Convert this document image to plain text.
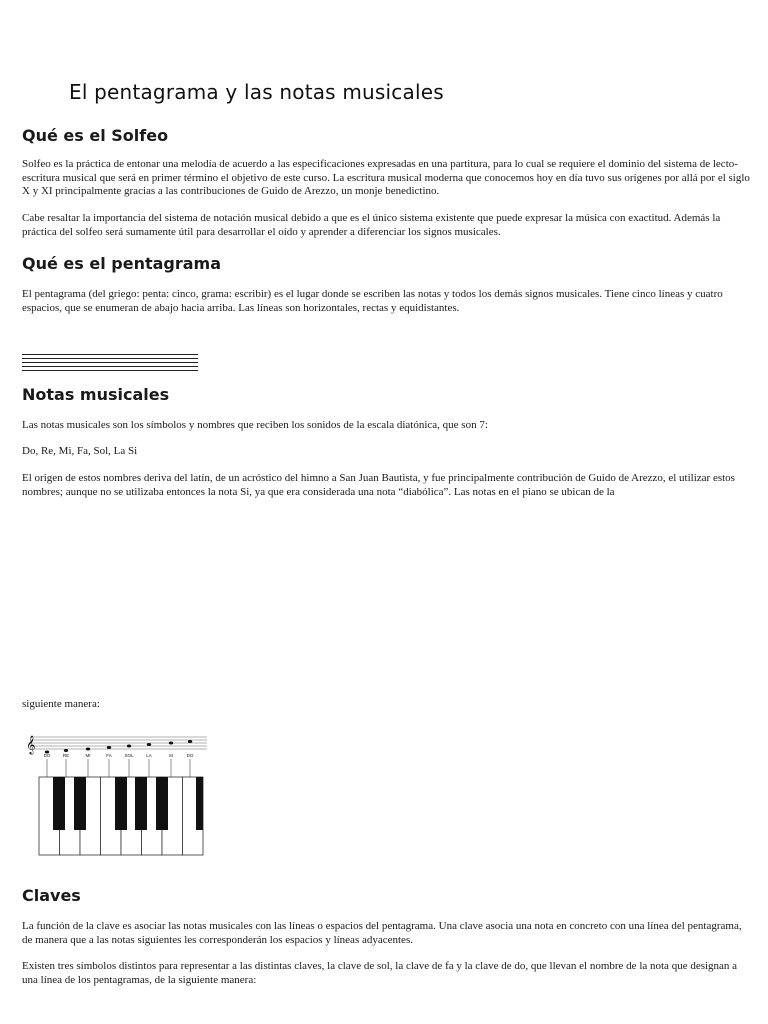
El pentagrama y las notas musicales
Qué es el Solfeo

Solfeo es la práctica de entonar una melodía de acuerdo a las especificaciones expresadas en una partitura, para lo cual se requiere el dominio del sistema de lecto-escritura musical que será en primer término el objetivo de este curso. La escritura musical moderna que conocemos hoy en día tuvo sus orígenes por allá por el siglo X y XI principalmente gracias a las contribuciones de Guido de Arezzo, un monje benedictino.

Cabe resaltar la importancia del sistema de notación musical debido a que es el único sistema existente que puede expresar la música con exactitud. Además la práctica del solfeo será sumamente útil para desarrollar el oído y aprender a diferenciar los signos musicales.

Qué es el pentagrama

El pentagrama (del griego: penta: cinco, grama: escribir) es el lugar donde se escriben las notas y todos los demás signos musicales. Tiene cinco líneas y cuatro espacios, que se enumeran de abajo hacia arriba. Las líneas son horizontales, rectas y equidistantes.

Notas musicales

Las notas musicales son los símbolos y nombres que reciben los sonidos de la escala diatónica, que son 7:

Do, Re, Mi, Fa, Sol, La Si

El origen de estos nombres deriva del latín, de un acróstico del himno a San Juan Bautista, y fue principalmente contribución de Guido de Arezzo, el utilizar estos nombres; aunque no se utilizaba entonces la nota Si, ya que era considerada una nota “diabólica”. Las notas en el piano se ubican de la

siguiente manera:

𝄞
DO	RE	MI	FA	SOL	LA	SI	DO
Claves

La función de la clave es asociar las notas musicales con las líneas o espacios del pentagrama. Una clave asocia una nota en concreto con una línea del pentagrama, de manera que a las notas siguientes les corresponderán los espacios y líneas adyacentes.

Existen tres símbolos distintos para representar a las distintas claves, la clave de sol, la clave de fa y la clave de do, que llevan el nombre de la nota que designan a una línea de los pentagramas, de la siguiente manera:
